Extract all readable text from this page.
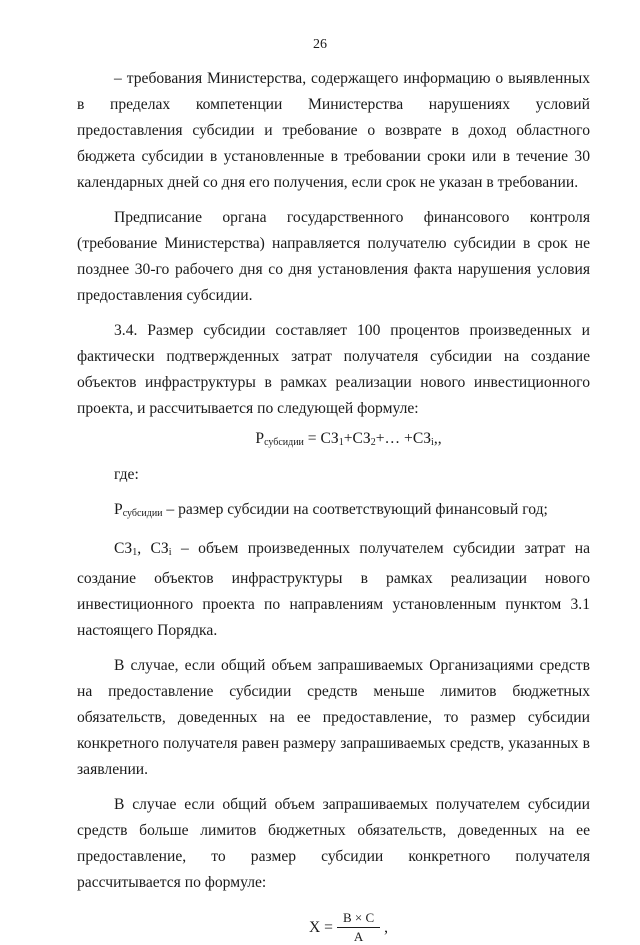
26

– требования Министерства, содержащего информацию о выявленных в пределах компетенции Министерства нарушениях условий предоставления субсидии и требование о возврате в доход областного бюджета субсидии в установленные в требовании сроки или в течение 30 календарных дней со дня его получения, если срок не указан в требовании.

Предписание органа государственного финансового контроля (требование Министерства) направляется получателю субсидии в срок не позднее 30-го рабочего дня со дня установления факта нарушения условия предоставления субсидии.

3.4. Размер субсидии составляет 100 процентов произведенных и фактически подтвержденных затрат получателя субсидии на создание объектов инфраструктуры в рамках реализации нового инвестиционного проекта, и рассчитывается по следующей формуле:

$Р_{субсидии}$ = $СЗ_1+СЗ_2+\dots +СЗ_i$,,

где:

Рсубсидии – размер субсидии на соответствующий финансовый год;

СЗ1, СЗi – объем произведенных получателем субсидии затрат на создание объектов инфраструктуры в рамках реализации нового инвестиционного проекта по направлениям установленным пунктом 3.1 настоящего Порядка.

В случае, если общий объем запрашиваемых Организациями средств на предоставление субсидии средств меньше лимитов бюджетных обязательств, доведенных на ее предоставление, то размер субсидии конкретного получателя равен размеру запрашиваемых средств, указанных в заявлении.

В случае если общий объем запрашиваемых получателем субсидии средств больше лимитов бюджетных обязательств, доведенных на ее предоставление, то размер субсидии конкретного получателя рассчитывается по формуле:

$X = \frac{B \times C}{A}$ ,
